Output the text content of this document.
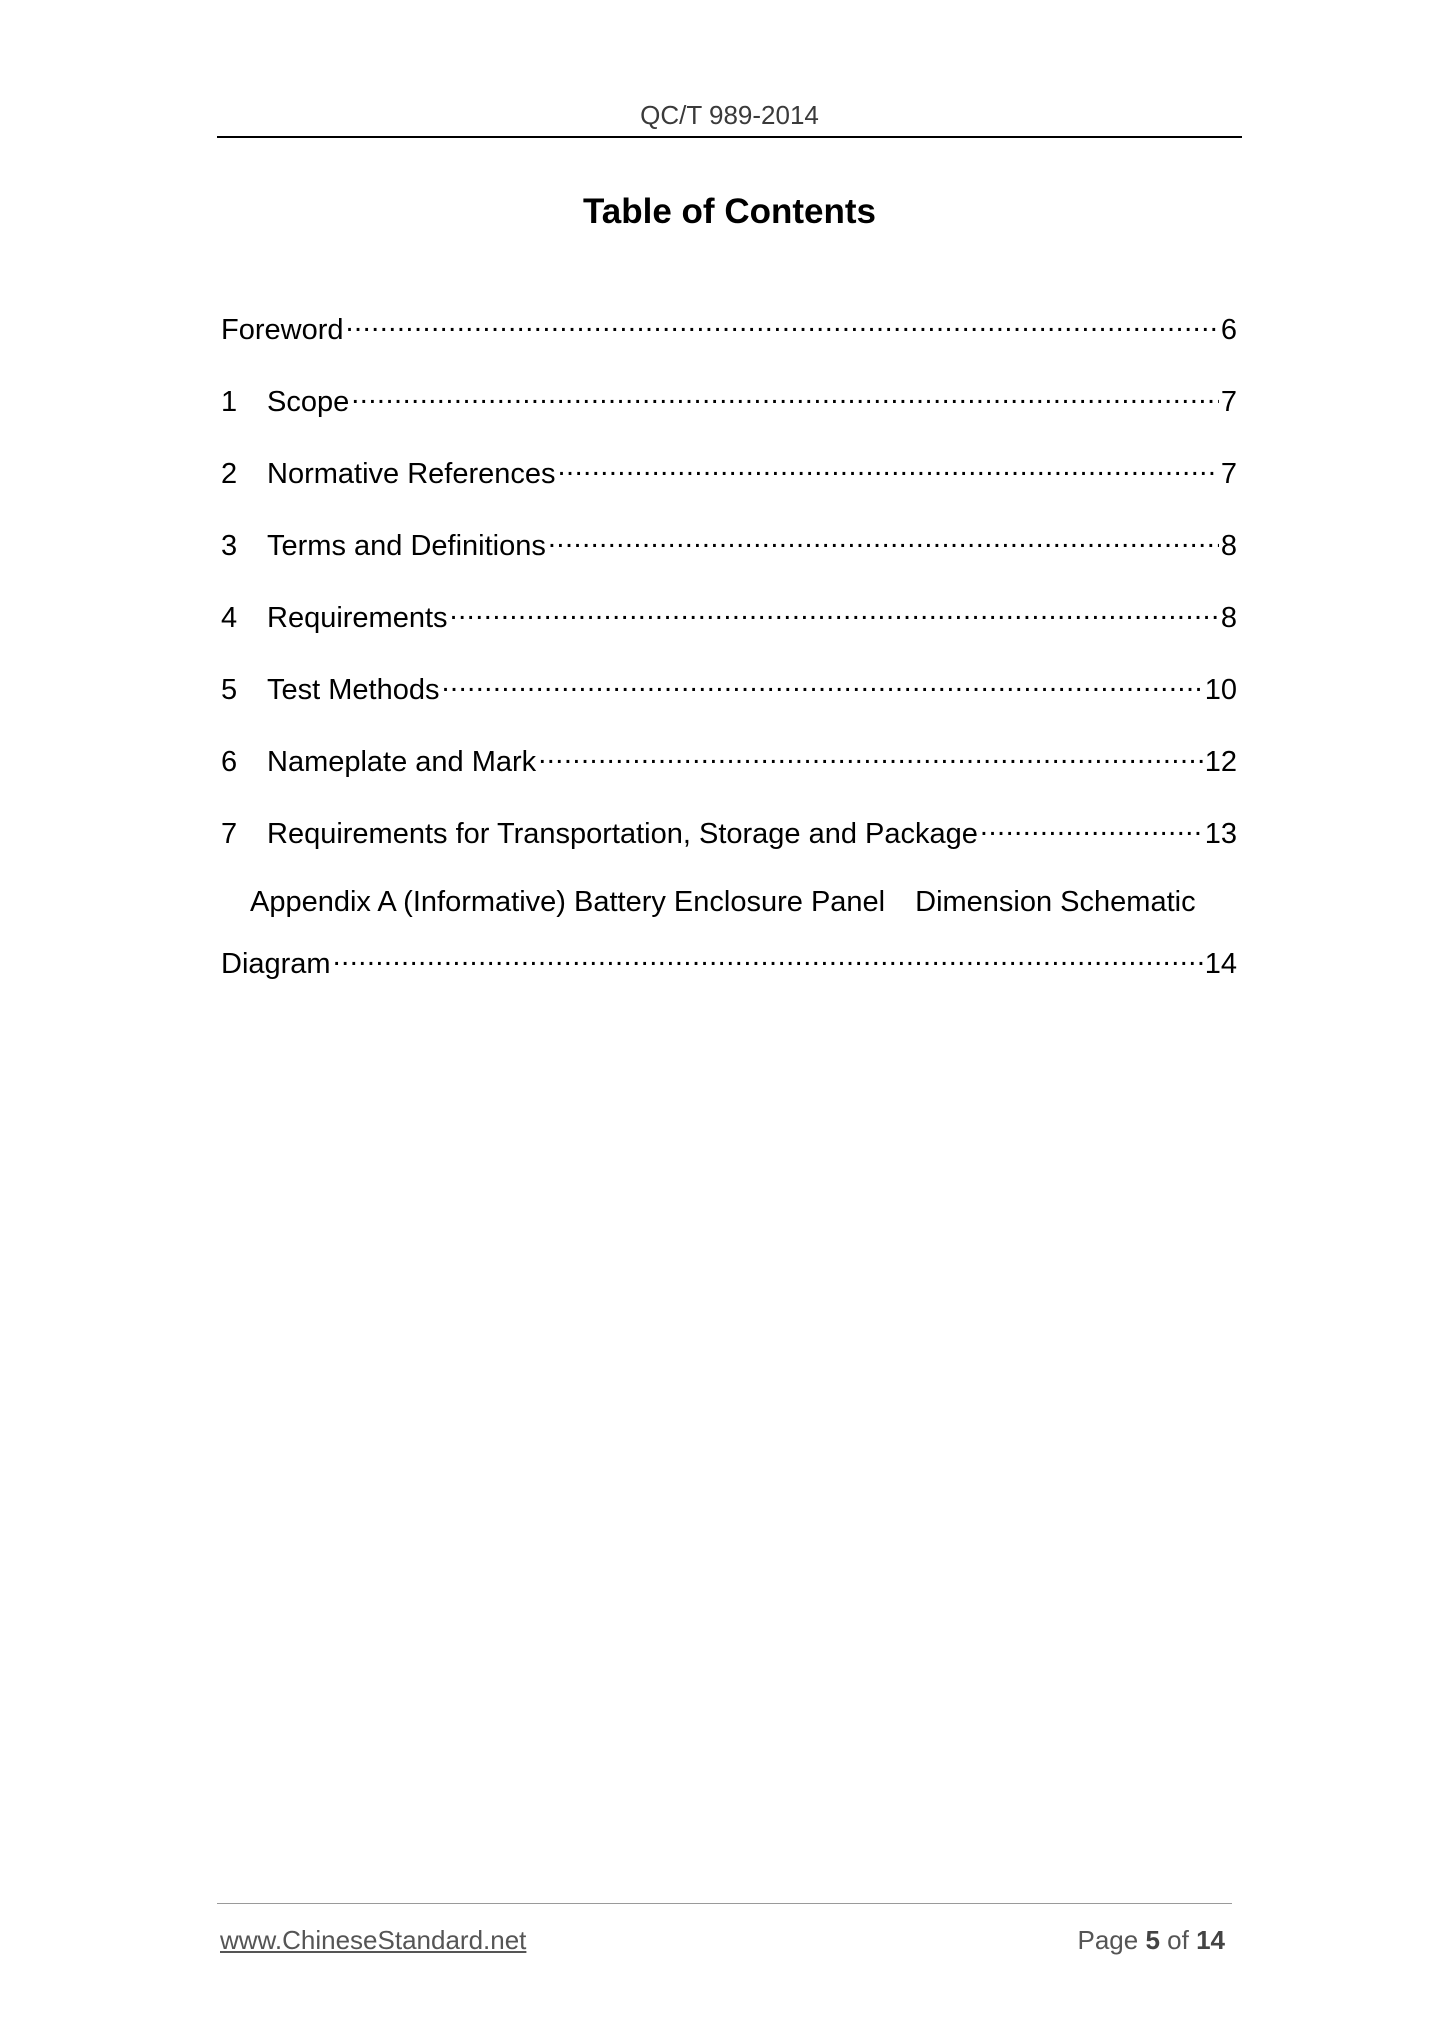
QC/T 989-2014
Table of Contents
Foreword .....	6
1	Scope .....	7
2	Normative References .....	7
3	Terms and Definitions .....	8
4	Requirements .....	8
5	Test Methods .....	10
6	Nameplate and Mark .....	12
7	Requirements for Transportation, Storage and Package .....	13
Appendix A (Informative) Battery Enclosure Panel Dimension Schematic
Diagram .....	14
www.ChineseStandard.net	Page 5 of 14
